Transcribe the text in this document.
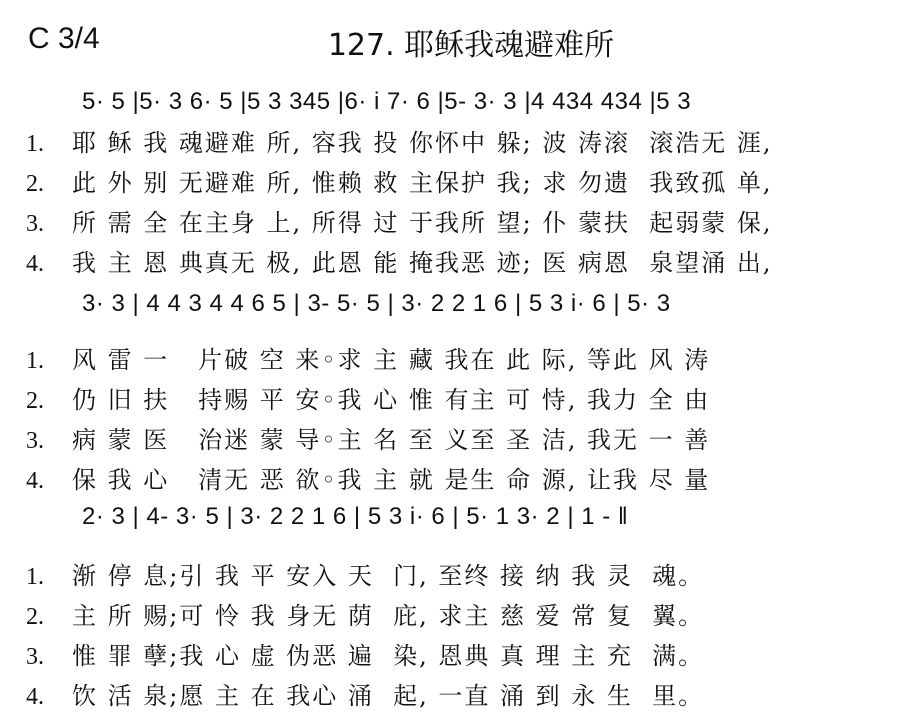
C 3/4	127. 耶稣我魂避难所
5· 5 |5· 3 6· 5 |5 3 345 |6· i 7· 6 |5- 3· 3 |4 434 434 |5 3
1. 耶 稣 我 魂避难 所, 容我 投 你怀中 躲; 波 涛滚  滚浩无 涯,
2. 此 外 别 无避难 所, 惟赖 救 主保护 我; 求 勿遗  我致孤 单,
3. 所 需 全 在主身 上, 所得 过 于我所 望; 仆 蒙扶  起弱蒙 保,
4. 我 主 恩 典真无 极, 此恩 能 掩我恶 迹; 医 病恩  泉望涌 出,
3· 3 | 4 4 3 4 4 6 5 | 3- 5· 5 | 3· 2 2 1 6 | 5 3 i· 6 | 5· 3
1. 风 雷 一   片破 空 来◦求 主 藏 我在 此 际, 等此 风 涛
2. 仍 旧 扶   持赐 平 安◦我 心 惟 有主 可 恃, 我力 全 由
3. 病 蒙 医   治迷 蒙 导◦主 名 至 义至 圣 洁, 我无 一 善
4. 保 我 心   清无 恶 欲◦我 主 就 是生 命 源, 让我 尽 量
2· 3 | 4- 3· 5 | 3· 2 2 1 6 | 5 3 i· 6 | 5· 1 3· 2 | 1 - ‖
1. 渐 停 息;引 我 平 安入 天  门, 至终 接 纳 我 灵  魂。
2. 主 所 赐;可 怜 我 身无 荫  庇, 求主 慈 爱 常 复  翼。
3. 惟 罪 孽;我 心 虚 伪恶 遍  染, 恩典 真 理 主 充  满。
4. 饮 活 泉;愿 主 在 我心 涌  起, 一直 涌 到 永 生  里。
